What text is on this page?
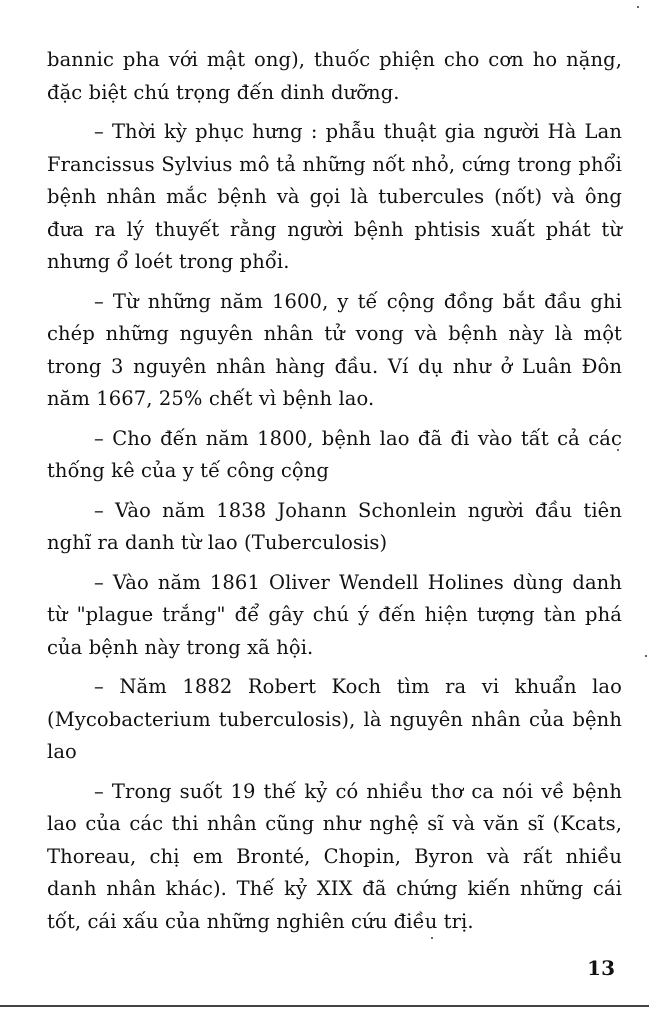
bannic pha với mật ong), thuốc phiện cho cơn ho nặng, đặc biệt chú trọng đến dinh dưỡng.

– Thời kỳ phục hưng : phẫu thuật gia người Hà Lan Francissus Sylvius mô tả những nốt nhỏ, cứng trong phổi bệnh nhân mắc bệnh và gọi là tubercules (nốt) và ông đưa ra lý thuyết rằng người bệnh phtisis xuất phát từ nhưng ổ loét trong phổi.

– Từ những năm 1600, y tế cộng đồng bắt đầu ghi chép những nguyên nhân tử vong và bệnh này là một trong 3 nguyên nhân hàng đầu. Ví dụ như ở Luân Đôn năm 1667, 25% chết vì bệnh lao.

– Cho đến năm 1800, bệnh lao đã đi vào tất cả các thống kê của y tế công cộng

– Vào năm 1838 Johann Schonlein người đầu tiên nghĩ ra danh từ lao (Tuberculosis)

– Vào năm 1861 Oliver Wendell Holines dùng danh từ "plague trắng" để gây chú ý đến hiện tượng tàn phá của bệnh này trong xã hội.

– Năm 1882 Robert Koch tìm ra vi khuẩn lao (Mycobacterium tuberculosis), là nguyên nhân của bệnh lao

– Trong suốt 19 thế kỷ có nhiều thơ ca nói về bệnh lao của các thi nhân cũng như nghệ sĩ và văn sĩ (Kcats, Thoreau, chị em Bronté, Chopin, Byron và rất nhiều danh nhân khác). Thế kỷ XIX đã chứng kiến những cái tốt, cái xấu của những nghiên cứu điều trị.

13
